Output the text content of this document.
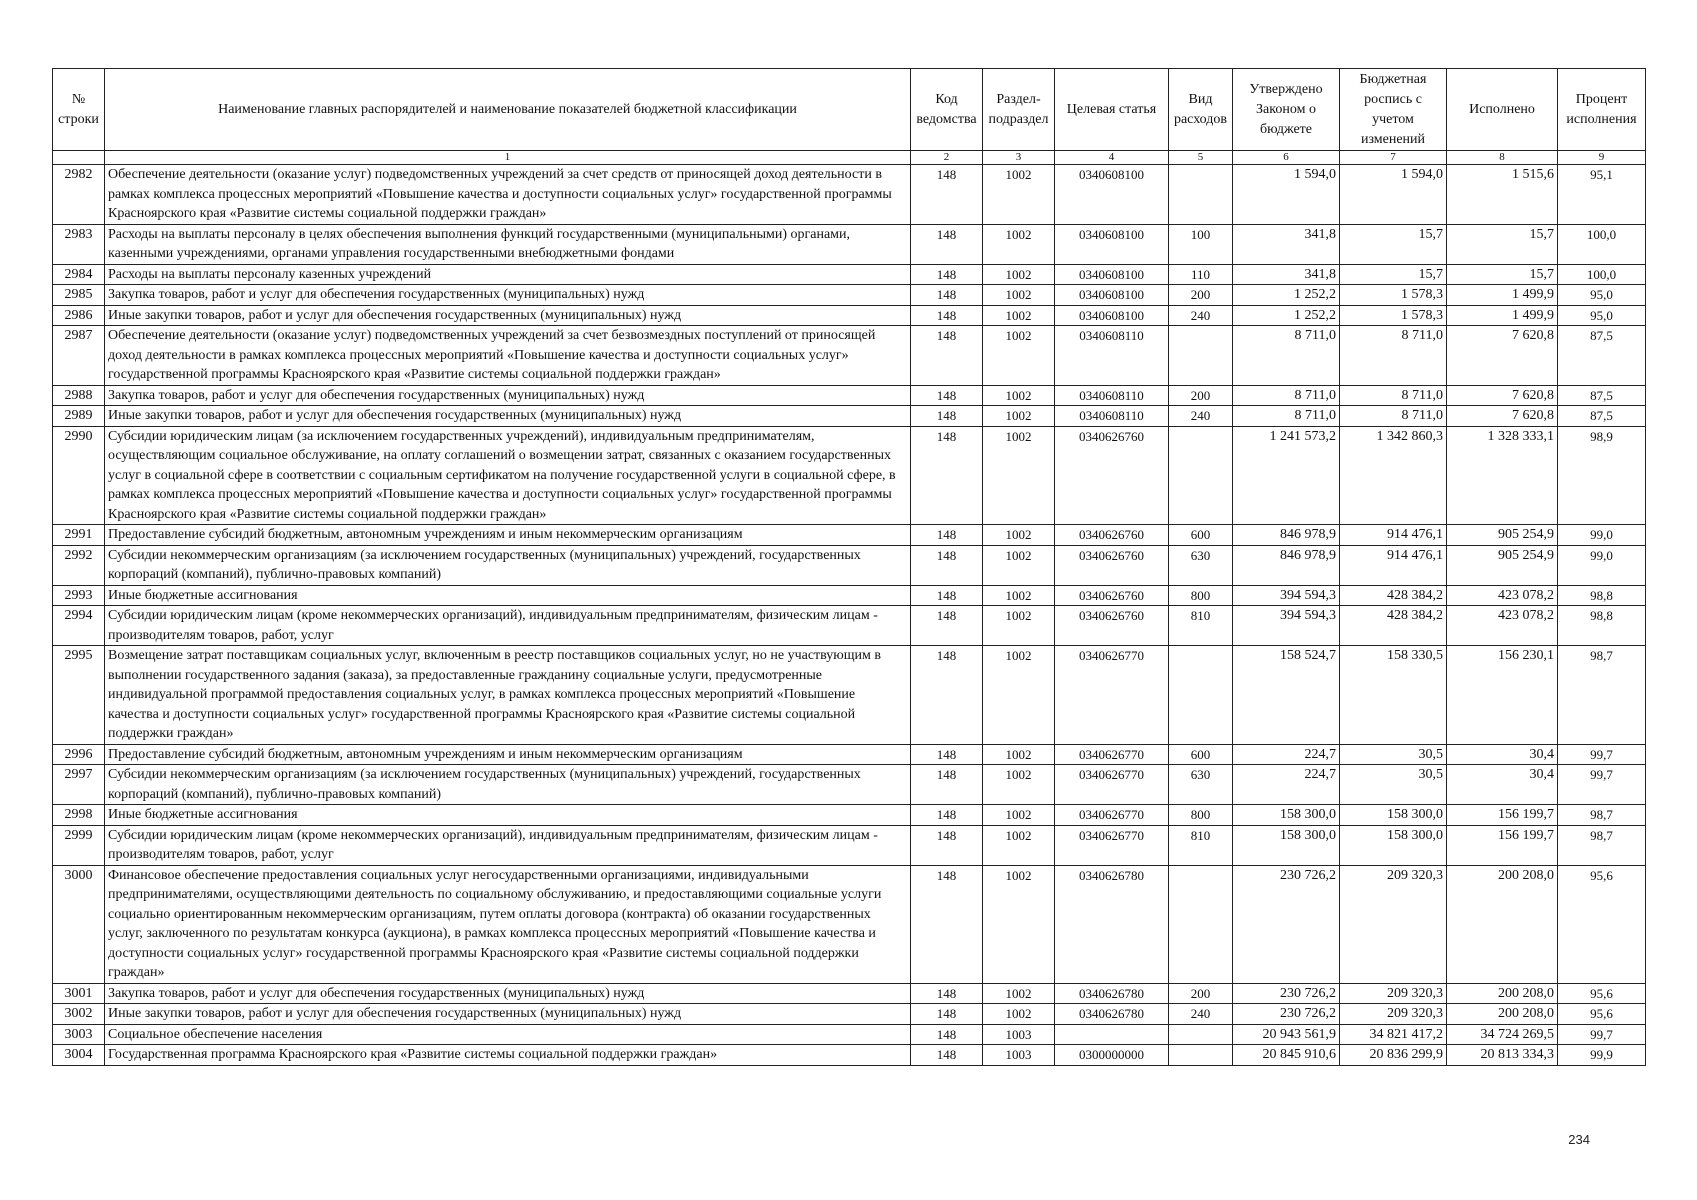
№ строки	Наименование главных распорядителей и наименование показателей бюджетной классификации	Код ведомства	Раздел-подраздел	Целевая статья	Вид расходов	Утверждено Законом о бюджете	Бюджетная роспись с учетом изменений	Исполнено	Процент исполнения
	1	2	3	4	5	6	7	8	9
2982	Обеспечение деятельности (оказание услуг) подведомственных учреждений за счет средств от приносящей доход деятельности в рамках комплекса процессных мероприятий «Повышение качества и доступности социальных услуг» государственной программы Красноярского края «Развитие системы социальной поддержки граждан»	148	1002	0340608100		1 594,0	1 594,0	1 515,6	95,1
2983	Расходы на выплаты персоналу в целях обеспечения выполнения функций государственными (муниципальными) органами, казенными учреждениями, органами управления государственными внебюджетными фондами	148	1002	0340608100	100	341,8	15,7	15,7	100,0
2984	Расходы на выплаты персоналу казенных учреждений	148	1002	0340608100	110	341,8	15,7	15,7	100,0
2985	Закупка товаров, работ и услуг для обеспечения государственных (муниципальных) нужд	148	1002	0340608100	200	1 252,2	1 578,3	1 499,9	95,0
2986	Иные закупки товаров, работ и услуг для обеспечения государственных (муниципальных) нужд	148	1002	0340608100	240	1 252,2	1 578,3	1 499,9	95,0
2987	Обеспечение деятельности (оказание услуг) подведомственных учреждений за счет безвозмездных поступлений от приносящей доход деятельности в рамках комплекса процессных мероприятий «Повышение качества и доступности социальных услуг» государственной программы Красноярского края «Развитие системы социальной поддержки граждан»	148	1002	0340608110		8 711,0	8 711,0	7 620,8	87,5
2988	Закупка товаров, работ и услуг для обеспечения государственных (муниципальных) нужд	148	1002	0340608110	200	8 711,0	8 711,0	7 620,8	87,5
2989	Иные закупки товаров, работ и услуг для обеспечения государственных (муниципальных) нужд	148	1002	0340608110	240	8 711,0	8 711,0	7 620,8	87,5
2990	Субсидии юридическим лицам (за исключением государственных учреждений), индивидуальным предпринимателям, осуществляющим социальное обслуживание, на оплату соглашений о возмещении затрат, связанных с оказанием государственных услуг в социальной сфере в соответствии с социальным сертификатом на получение государственной услуги в социальной сфере, в рамках комплекса процессных мероприятий «Повышение качества и доступности социальных услуг» государственной программы Красноярского края «Развитие системы социальной поддержки граждан»	148	1002	0340626760		1 241 573,2	1 342 860,3	1 328 333,1	98,9
2991	Предоставление субсидий бюджетным, автономным учреждениям и иным некоммерческим организациям	148	1002	0340626760	600	846 978,9	914 476,1	905 254,9	99,0
2992	Субсидии некоммерческим организациям (за исключением государственных (муниципальных) учреждений, государственных корпораций (компаний), публично-правовых компаний)	148	1002	0340626760	630	846 978,9	914 476,1	905 254,9	99,0
2993	Иные бюджетные ассигнования	148	1002	0340626760	800	394 594,3	428 384,2	423 078,2	98,8
2994	Субсидии юридическим лицам (кроме некоммерческих организаций), индивидуальным предпринимателям, физическим лицам - производителям товаров, работ, услуг	148	1002	0340626760	810	394 594,3	428 384,2	423 078,2	98,8
2995	Возмещение затрат поставщикам социальных услуг, включенным в реестр поставщиков социальных услуг, но не участвующим в выполнении государственного задания (заказа), за предоставленные гражданину социальные услуги, предусмотренные индивидуальной программой предоставления социальных услуг, в рамках комплекса процессных мероприятий «Повышение качества и доступности социальных услуг» государственной программы Красноярского края «Развитие системы социальной поддержки граждан»	148	1002	0340626770		158 524,7	158 330,5	156 230,1	98,7
2996	Предоставление субсидий бюджетным, автономным учреждениям и иным некоммерческим организациям	148	1002	0340626770	600	224,7	30,5	30,4	99,7
2997	Субсидии некоммерческим организациям (за исключением государственных (муниципальных) учреждений, государственных корпораций (компаний), публично-правовых компаний)	148	1002	0340626770	630	224,7	30,5	30,4	99,7
2998	Иные бюджетные ассигнования	148	1002	0340626770	800	158 300,0	158 300,0	156 199,7	98,7
2999	Субсидии юридическим лицам (кроме некоммерческих организаций), индивидуальным предпринимателям, физическим лицам - производителям товаров, работ, услуг	148	1002	0340626770	810	158 300,0	158 300,0	156 199,7	98,7
3000	Финансовое обеспечение предоставления социальных услуг негосударственными организациями, индивидуальными предпринимателями, осуществляющими деятельность по социальному обслуживанию, и предоставляющими социальные услуги социально ориентированным некоммерческим организациям, путем оплаты договора (контракта) об оказании государственных услуг, заключенного по результатам конкурса (аукциона), в рамках комплекса процессных мероприятий «Повышение качества и доступности социальных услуг» государственной программы Красноярского края «Развитие системы социальной поддержки граждан»	148	1002	0340626780		230 726,2	209 320,3	200 208,0	95,6
3001	Закупка товаров, работ и услуг для обеспечения государственных (муниципальных) нужд	148	1002	0340626780	200	230 726,2	209 320,3	200 208,0	95,6
3002	Иные закупки товаров, работ и услуг для обеспечения государственных (муниципальных) нужд	148	1002	0340626780	240	230 726,2	209 320,3	200 208,0	95,6
3003	Социальное обеспечение населения	148	1003			20 943 561,9	34 821 417,2	34 724 269,5	99,7
3004	Государственная программа Красноярского края «Развитие системы социальной поддержки граждан»	148	1003	0300000000		20 845 910,6	20 836 299,9	20 813 334,3	99,9
234
